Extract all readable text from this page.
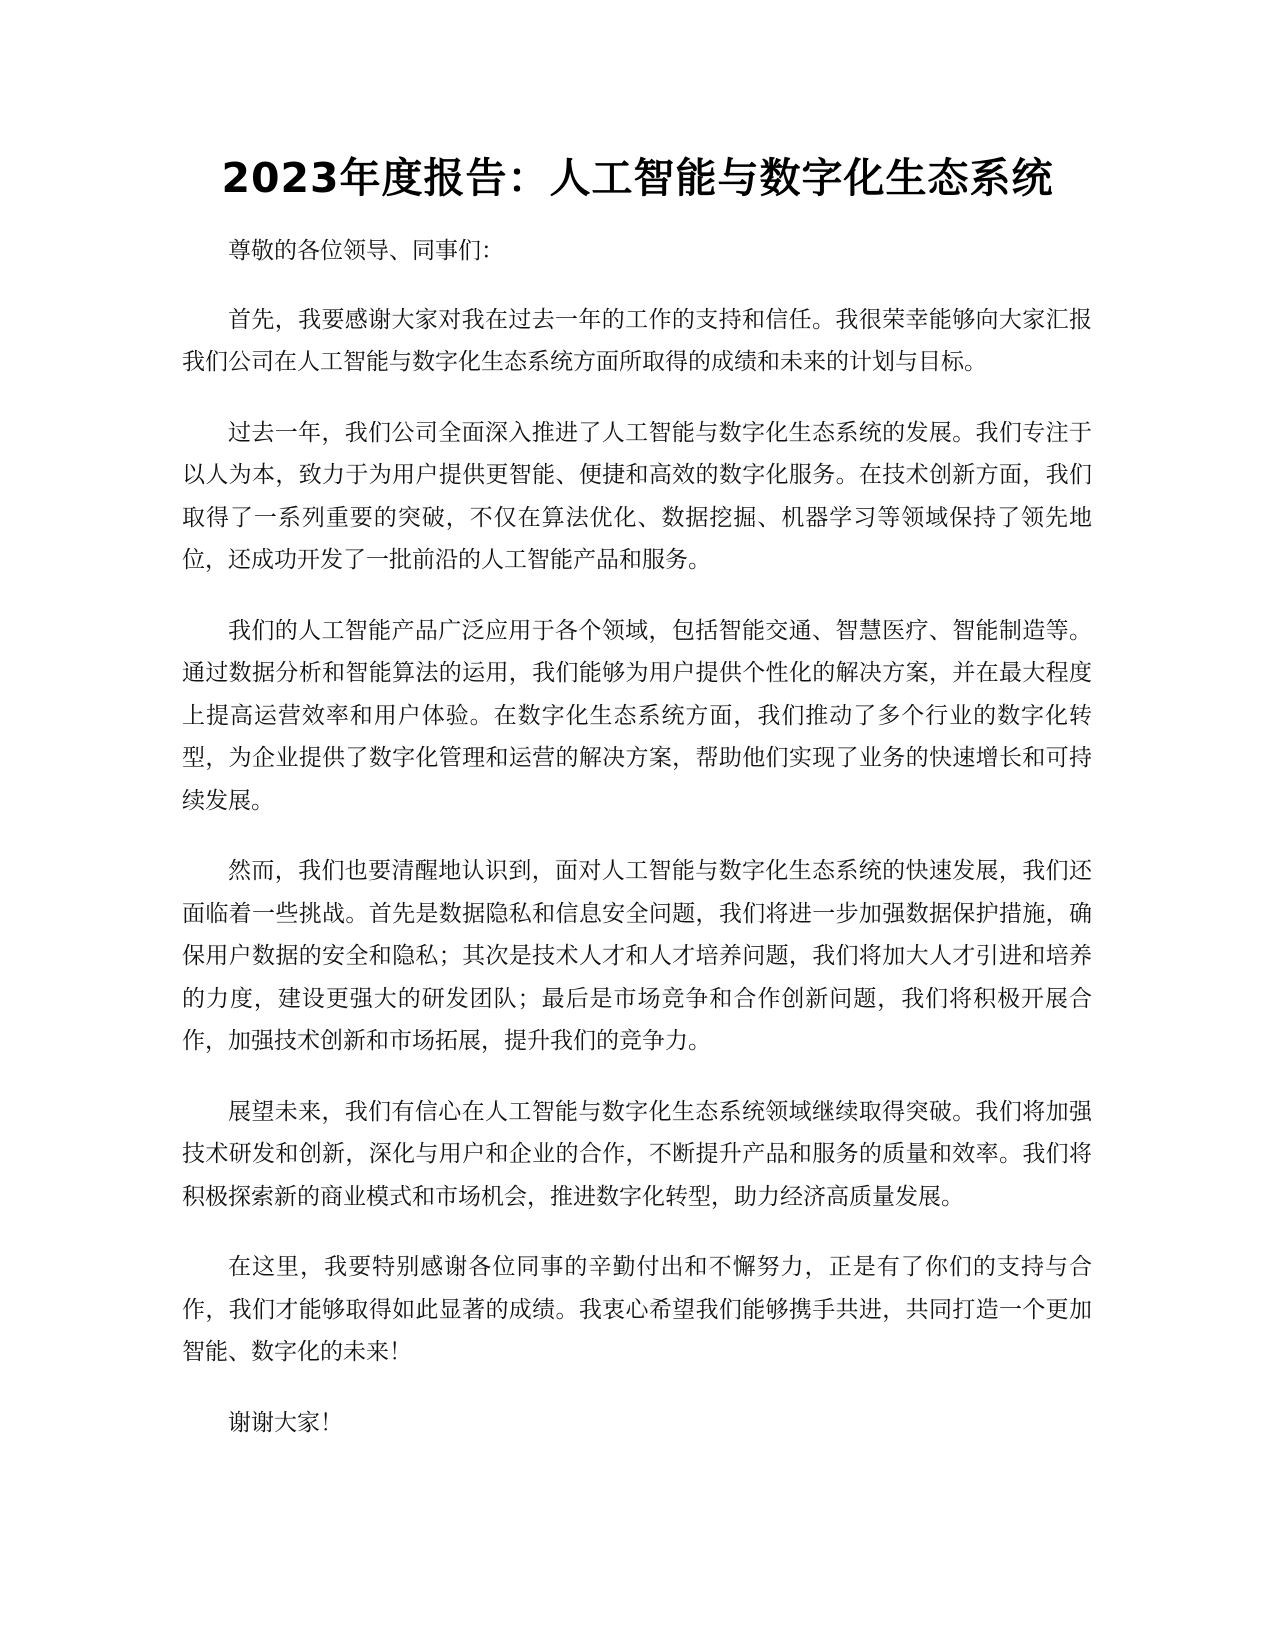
2023年度报告：人工智能与数字化生态系统

尊敬的各位领导、同事们：

首先，我要感谢大家对我在过去一年的工作的支持和信任。我很荣幸能够向大家汇报我们公司在人工智能与数字化生态系统方面所取得的成绩和未来的计划与目标。

过去一年，我们公司全面深入推进了人工智能与数字化生态系统的发展。我们专注于以人为本，致力于为用户提供更智能、便捷和高效的数字化服务。在技术创新方面，我们取得了一系列重要的突破，不仅在算法优化、数据挖掘、机器学习等领域保持了领先地位，还成功开发了一批前沿的人工智能产品和服务。

我们的人工智能产品广泛应用于各个领域，包括智能交通、智慧医疗、智能制造等。通过数据分析和智能算法的运用，我们能够为用户提供个性化的解决方案，并在最大程度上提高运营效率和用户体验。在数字化生态系统方面，我们推动了多个行业的数字化转型，为企业提供了数字化管理和运营的解决方案，帮助他们实现了业务的快速增长和可持续发展。

然而，我们也要清醒地认识到，面对人工智能与数字化生态系统的快速发展，我们还面临着一些挑战。首先是数据隐私和信息安全问题，我们将进一步加强数据保护措施，确保用户数据的安全和隐私；其次是技术人才和人才培养问题，我们将加大人才引进和培养的力度，建设更强大的研发团队；最后是市场竞争和合作创新问题，我们将积极开展合作，加强技术创新和市场拓展，提升我们的竞争力。

展望未来，我们有信心在人工智能与数字化生态系统领域继续取得突破。我们将加强技术研发和创新，深化与用户和企业的合作，不断提升产品和服务的质量和效率。我们将积极探索新的商业模式和市场机会，推进数字化转型，助力经济高质量发展。

在这里，我要特别感谢各位同事的辛勤付出和不懈努力，正是有了你们的支持与合作，我们才能够取得如此显著的成绩。我衷心希望我们能够携手共进，共同打造一个更加智能、数字化的未来！

谢谢大家！
